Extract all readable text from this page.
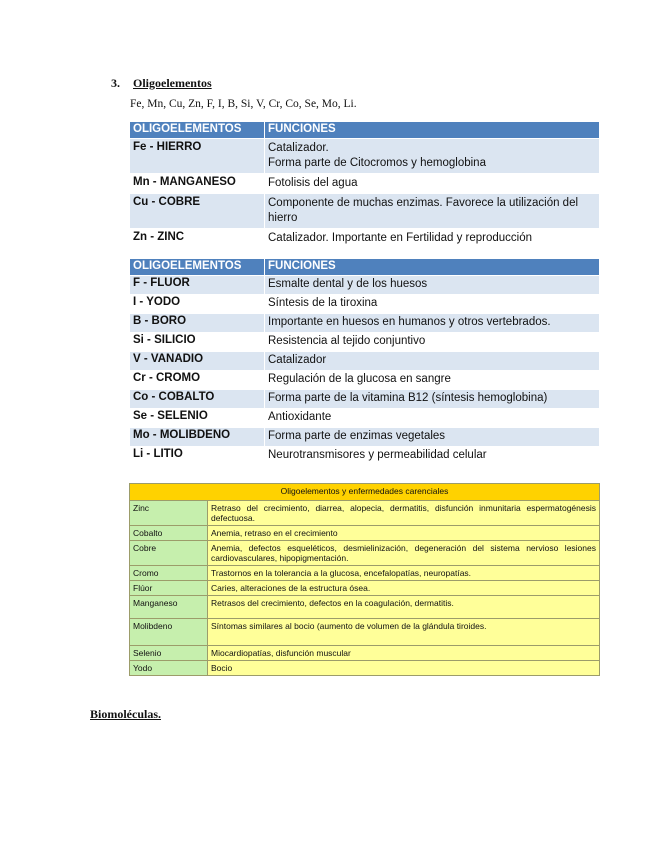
3. Oligoelementos
Fe, Mn, Cu, Zn, F, I, B, Si, V, Cr, Co, Se, Mo, Li.
OLIGOELEMENTOS	FUNCIONES
Fe - HIERRO	Catalizador.
Forma parte de Citocromos y hemoglobina

Mn - MANGANESO	Fotolisis del agua

Cu - COBRE	Componente de muchas enzimas. Favorece la utilización del hierro

Zn - ZINC	Catalizador. Importante en Fertilidad y reproducción
OLIGOELEMENTOS	FUNCIONES
F - FLUOR	Esmalte dental y de los huesos
I - YODO	Síntesis de la tiroxina
B - BORO	Importante en huesos en humanos y otros vertebrados.
Si - SILICIO	Resistencia al tejido conjuntivo
V - VANADIO	Catalizador
Cr - CROMO	Regulación de la glucosa en sangre
Co - COBALTO	Forma parte de la vitamina B12 (síntesis hemoglobina)
Se - SELENIO	Antioxidante
Mo - MOLIBDENO	Forma parte de enzimas vegetales
Li - LITIO	Neurotransmisores y permeabilidad celular
Oligoelementos y enfermedades carenciales	
Zinc	Retraso del crecimiento, diarrea, alopecia, dermatitis, disfunción inmunitaria espermatogénesis defectuosa.
Cobalto	Anemia, retraso en el crecimiento
Cobre	Anemia, defectos esqueléticos, desmielinización, degeneración del sistema nervioso lesiones cardiovasculares, hipopigmentación.
Cromo	Trastornos en la tolerancia a la glucosa, encefalopatías, neuropatías.
Flúor	Caries, alteraciones de la estructura ósea.
Manganeso	Retrasos del crecimiento, defectos en la coagulación, dermatitis.
Molibdeno	Síntomas similares al bocio (aumento de volumen de la glándula tiroides.
Selenio	Miocardiopatías, disfunción muscular
Yodo	Bocio
Biomoléculas.
